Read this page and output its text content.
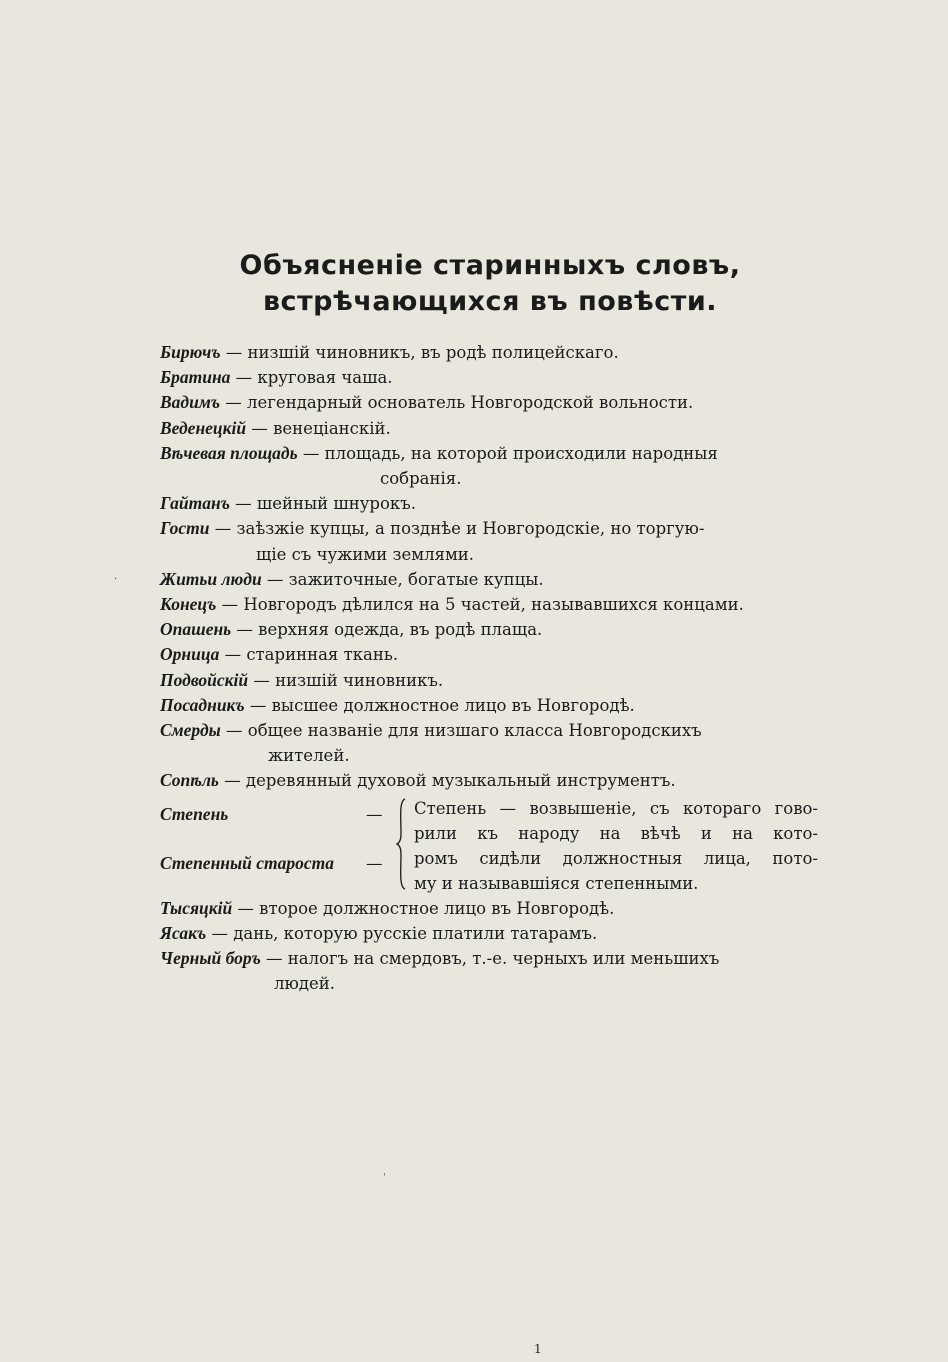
Объясненіе старинныхъ словъ,
встрѣчающихся въ повѣсти.
Бирючъ — низшій чиновникъ, въ родѣ полицейскаго.
Братина — круговая чаша.
Вадимъ — легендарный основатель Новгородской вольности.
Веденецкій — венеціанскій.
Вѣчевая площадь — площадь, на которой происходили народныя
собранія.
Гайтанъ — шейный шнурокъ.
Гости — заѣзжіе купцы, а позднѣе и Новгородскіе, но торгую-
щіе съ чужими землями.
Житьи люди — зажиточные, богатые купцы.
Конецъ — Новгородъ дѣлился на 5 частей, называвшихся концами.
Опашень — верхняя одежда, въ родѣ плаща.
Орница — старинная ткань.
Подвойскій — низшій чиновникъ.
Посадникъ — высшее должностное лицо въ Новгородѣ.
Смерды — общее названіе для низшаго класса Новгородскихъ
жителей.
Сопѣль — деревянный духовой музыкальный инструментъ.
Степень	—
Степенный староста —
Степень — возвышеніе, съ котораго гово-
рили къ народу на вѣчѣ и на кото-
ромъ сидѣли должностныя лица, пото-
му и называвшіяся степенными.
Тысяцкій — второе должностное лицо въ Новгородѣ.
Ясакъ — дань, которую русскіе платили татарамъ.
Черный боръ — налогъ на смердовъ, т.-е. черныхъ или меньшихъ
людей.
·
ˌ
1
